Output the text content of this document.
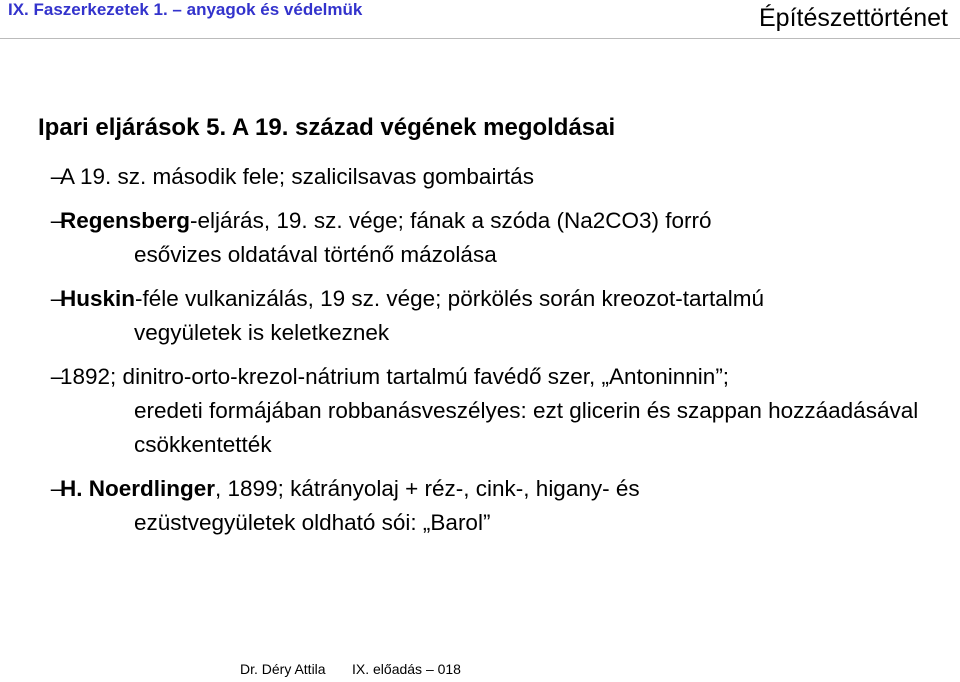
IX. Faszerkezetek 1. – anyagok és védelmük	Építészettörténet
Ipari eljárások 5. A 19. század végének megoldásai
–
A 19. sz. második fele; szalicilsavas gombairtás
–
Regensberg-eljárás, 19. sz. vége; fának a szóda (Na2CO3) forró
esővizes oldatával történő mázolása
–
Huskin-féle vulkanizálás, 19 sz. vége; pörkölés során kreozot-tartalmú
vegyületek is keletkeznek
–
1892; dinitro-orto-krezol-nátrium tartalmú favédő szer, „Antoninnin”;
eredeti formájában robbanásveszélyes: ezt glicerin és szappan hozzáadásával csökkentették
–
H. Noerdlinger, 1899; kátrányolaj + réz-, cink-, higany- és
ezüstvegyületek oldható sói: „Barol”
Dr. Déry Attila IX. előadás – 018
